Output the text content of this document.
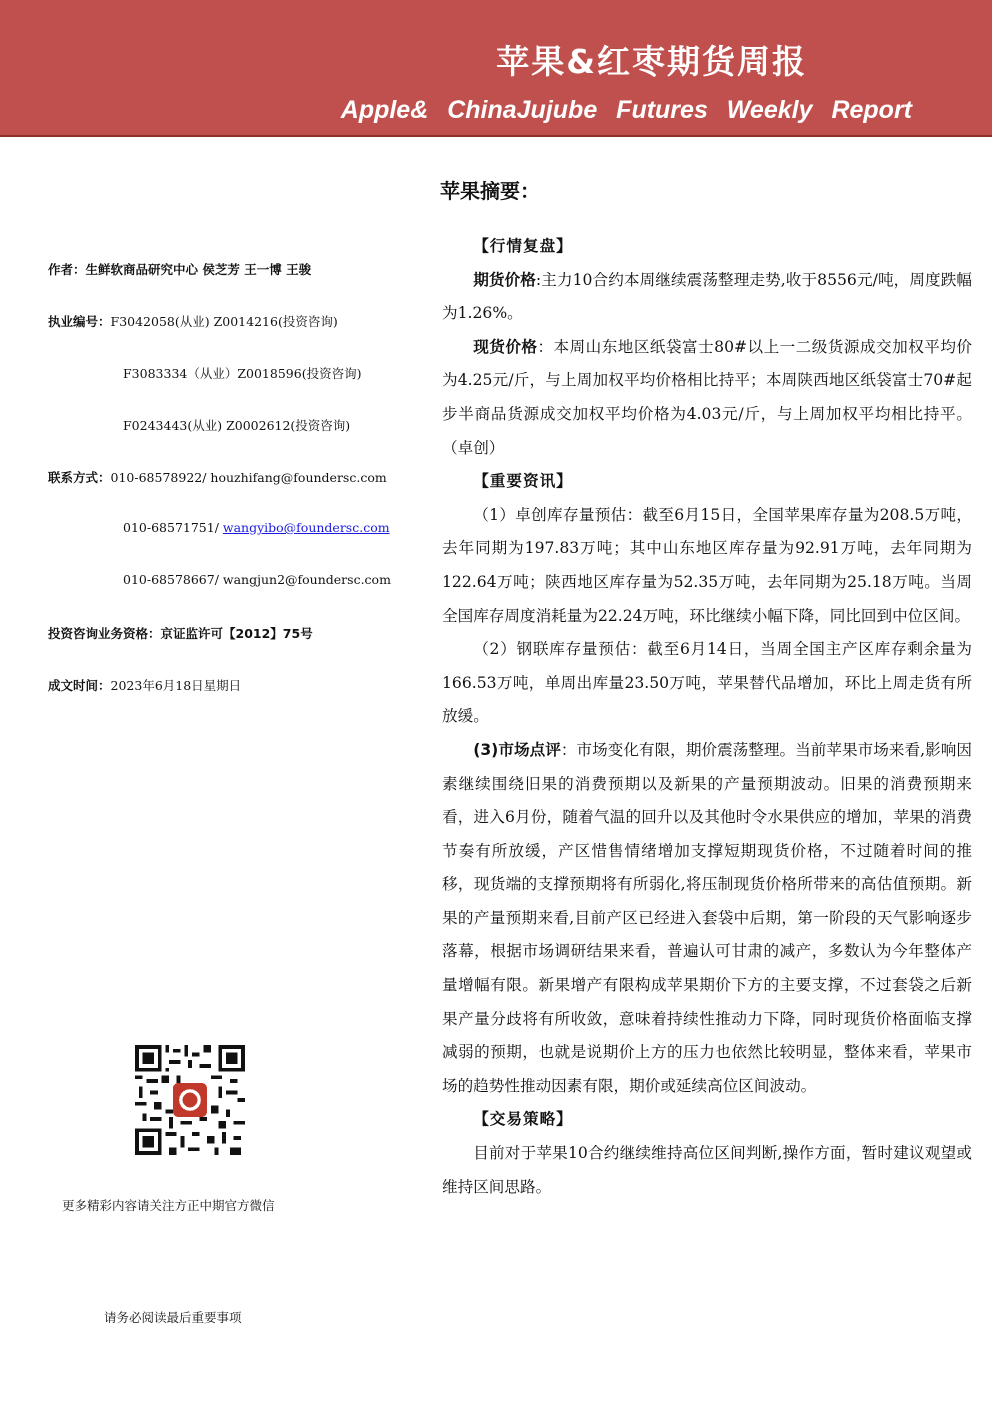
苹果&红枣期货周报
Apple& ChinaJujube Futures Weekly Report
苹果摘要：
作者：生鲜软商品研究中心 侯芝芳 王一博 王骏
执业编号：F3042058(从业) Z0014216(投资咨询)
F3083334（从业）Z0018596(投资咨询)
F0243443(从业) Z0002612(投资咨询)
联系方式：010-68578922/ houzhifang@foundersc.com
010-68571751/ wangyibo@foundersc.com
010-68578667/ wangjun2@foundersc.com
投资咨询业务资格：京证监许可【2012】75号
成文时间：2023年6月18日星期日
更多精彩内容请关注方正中期官方微信
请务必阅读最后重要事项
【行情复盘】

期货价格:主力10合约本周继续震荡整理走势,收于8556元/吨，周度跌幅为1.26%。

现货价格：本周山东地区纸袋富士80#以上一二级货源成交加权平均价为4.25元/斤，与上周加权平均价格相比持平；本周陕西地区纸袋富士70#起步半商品货源成交加权平均价格为4.03元/斤，与上周加权平均相比持平。（卓创）

【重要资讯】

（1）卓创库存量预估：截至6月15日，全国苹果库存量为208.5万吨，去年同期为197.83万吨；其中山东地区库存量为92.91万吨，去年同期为122.64万吨；陕西地区库存量为52.35万吨，去年同期为25.18万吨。当周全国库存周度消耗量为22.24万吨，环比继续小幅下降，同比回到中位区间。

（2）钢联库存量预估：截至6月14日，当周全国主产区库存剩余量为166.53万吨，单周出库量23.50万吨，苹果替代品增加，环比上周走货有所放缓。

(3)市场点评：市场变化有限，期价震荡整理。当前苹果市场来看,影响因素继续围绕旧果的消费预期以及新果的产量预期波动。旧果的消费预期来看，进入6月份，随着气温的回升以及其他时令水果供应的增加，苹果的消费节奏有所放缓，产区惜售情绪增加支撑短期现货价格，不过随着时间的推移，现货端的支撑预期将有所弱化,将压制现货价格所带来的高估值预期。新果的产量预期来看,目前产区已经进入套袋中后期，第一阶段的天气影响逐步落幕，根据市场调研结果来看，普遍认可甘肃的减产，多数认为今年整体产量增幅有限。新果增产有限构成苹果期价下方的主要支撑，不过套袋之后新果产量分歧将有所收敛，意味着持续性推动力下降，同时现货价格面临支撑减弱的预期，也就是说期价上方的压力也依然比较明显，整体来看，苹果市场的趋势性推动因素有限，期价或延续高位区间波动。

【交易策略】

目前对于苹果10合约继续维持高位区间判断,操作方面，暂时建议观望或维持区间思路。
